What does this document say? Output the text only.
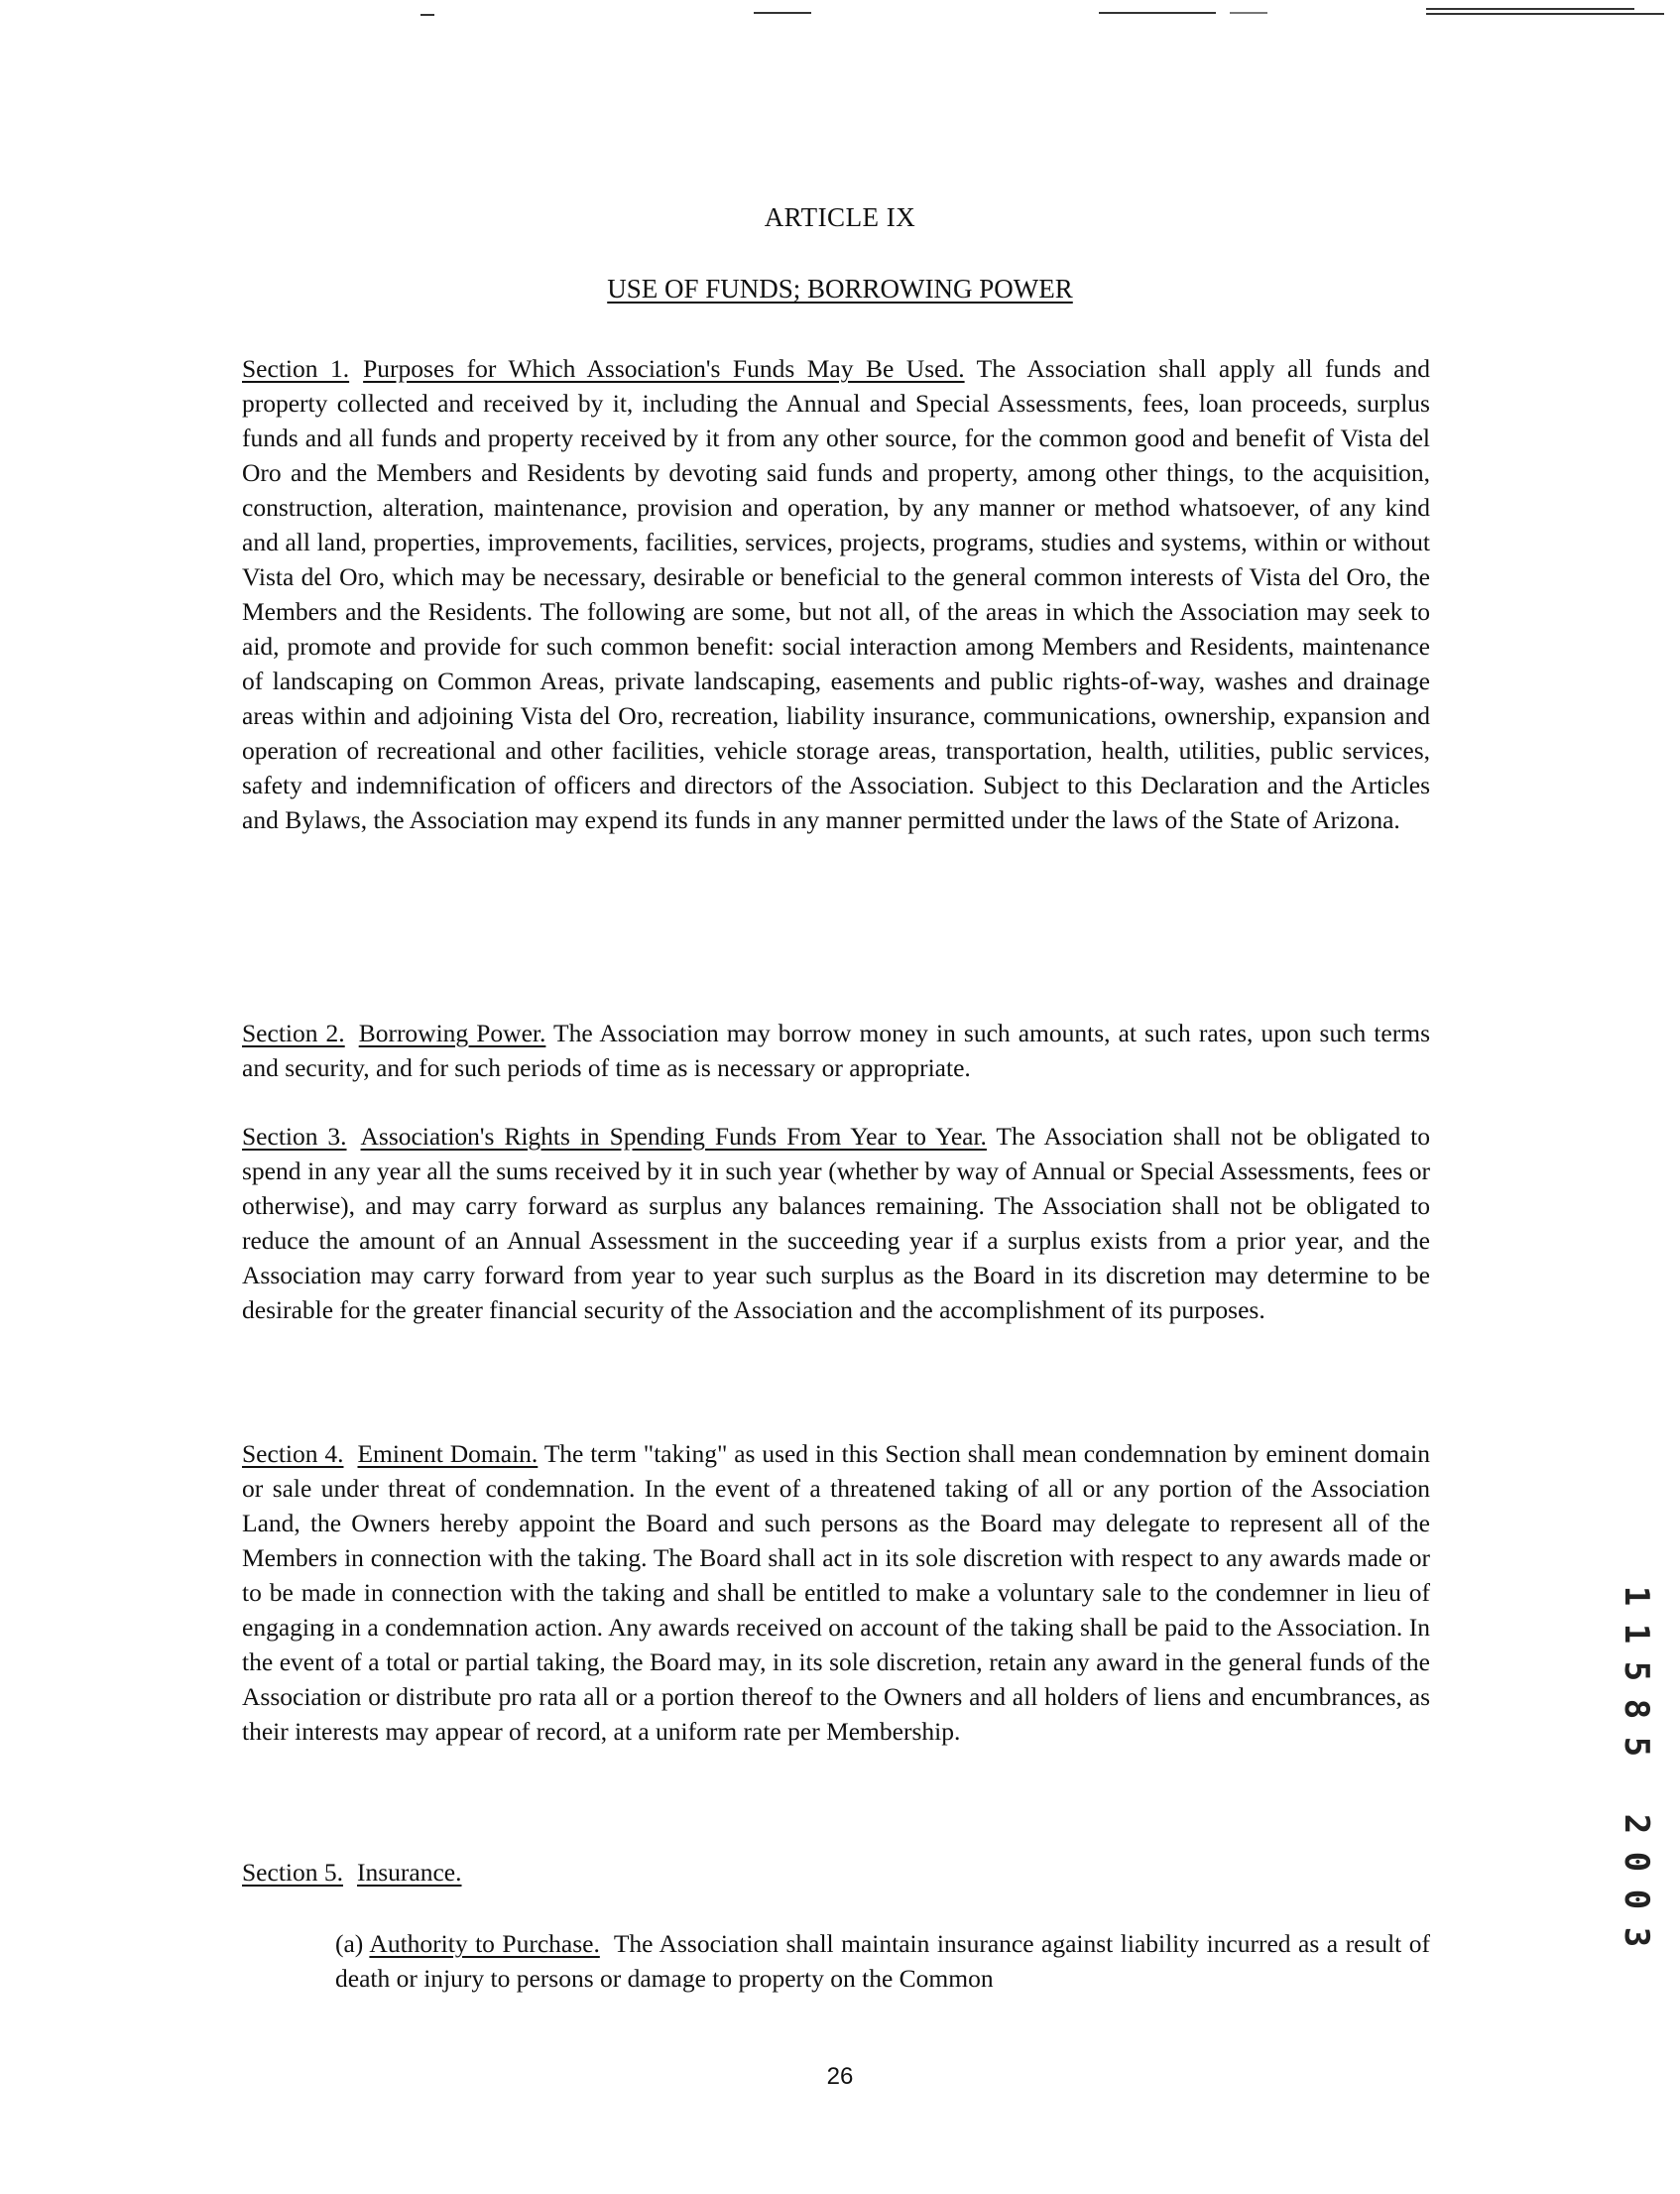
ARTICLE IX
USE OF FUNDS; BORROWING POWER

Section 1. Purposes for Which Association's Funds May Be Used. The Association shall apply all funds and property collected and received by it, including the Annual and Special Assessments, fees, loan proceeds, surplus funds and all funds and property received by it from any other source, for the common good and benefit of Vista del Oro and the Members and Residents by devoting said funds and property, among other things, to the acquisition, construction, alteration, maintenance, provision and operation, by any manner or method whatsoever, of any kind and all land, properties, improvements, facilities, services, projects, programs, studies and systems, within or without Vista del Oro, which may be necessary, desirable or beneficial to the general common interests of Vista del Oro, the Members and the Residents. The following are some, but not all, of the areas in which the Association may seek to aid, promote and provide for such common benefit: social interaction among Members and Residents, maintenance of landscaping on Common Areas, private landscaping, easements and public rights-of-way, washes and drainage areas within and adjoining Vista del Oro, recreation, liability insurance, communications, ownership, expansion and operation of recreational and other facilities, vehicle storage areas, transportation, health, utilities, public services, safety and indemnification of officers and directors of the Association. Subject to this Declaration and the Articles and Bylaws, the Association may expend its funds in any manner permitted under the laws of the State of Arizona.

Section 2. Borrowing Power. The Association may borrow money in such amounts, at such rates, upon such terms and security, and for such periods of time as is necessary or appropriate.

Section 3. Association's Rights in Spending Funds From Year to Year. The Association shall not be obligated to spend in any year all the sums received by it in such year (whether by way of Annual or Special Assessments, fees or otherwise), and may carry forward as surplus any balances remaining. The Association shall not be obligated to reduce the amount of an Annual Assessment in the succeeding year if a surplus exists from a prior year, and the Association may carry forward from year to year such surplus as the Board in its discretion may determine to be desirable for the greater financial security of the Association and the accomplishment of its purposes.

Section 4. Eminent Domain. The term "taking" as used in this Section shall mean condemnation by eminent domain or sale under threat of condemnation. In the event of a threatened taking of all or any portion of the Association Land, the Owners hereby appoint the Board and such persons as the Board may delegate to represent all of the Members in connection with the taking. The Board shall act in its sole discretion with respect to any awards made or to be made in connection with the taking and shall be entitled to make a voluntary sale to the condemner in lieu of engaging in a condemnation action. Any awards received on account of the taking shall be paid to the Association. In the event of a total or partial taking, the Board may, in its sole discretion, retain any award in the general funds of the Association or distribute pro rata all or a portion thereof to the Owners and all holders of liens and encumbrances, as their interests may appear of record, at a uniform rate per Membership.

Section 5. Insurance.

(a) Authority to Purchase. The Association shall maintain insurance against liability incurred as a result of death or injury to persons or damage to property on the Common

26
1
1
5
8
5
2
0
0
3
